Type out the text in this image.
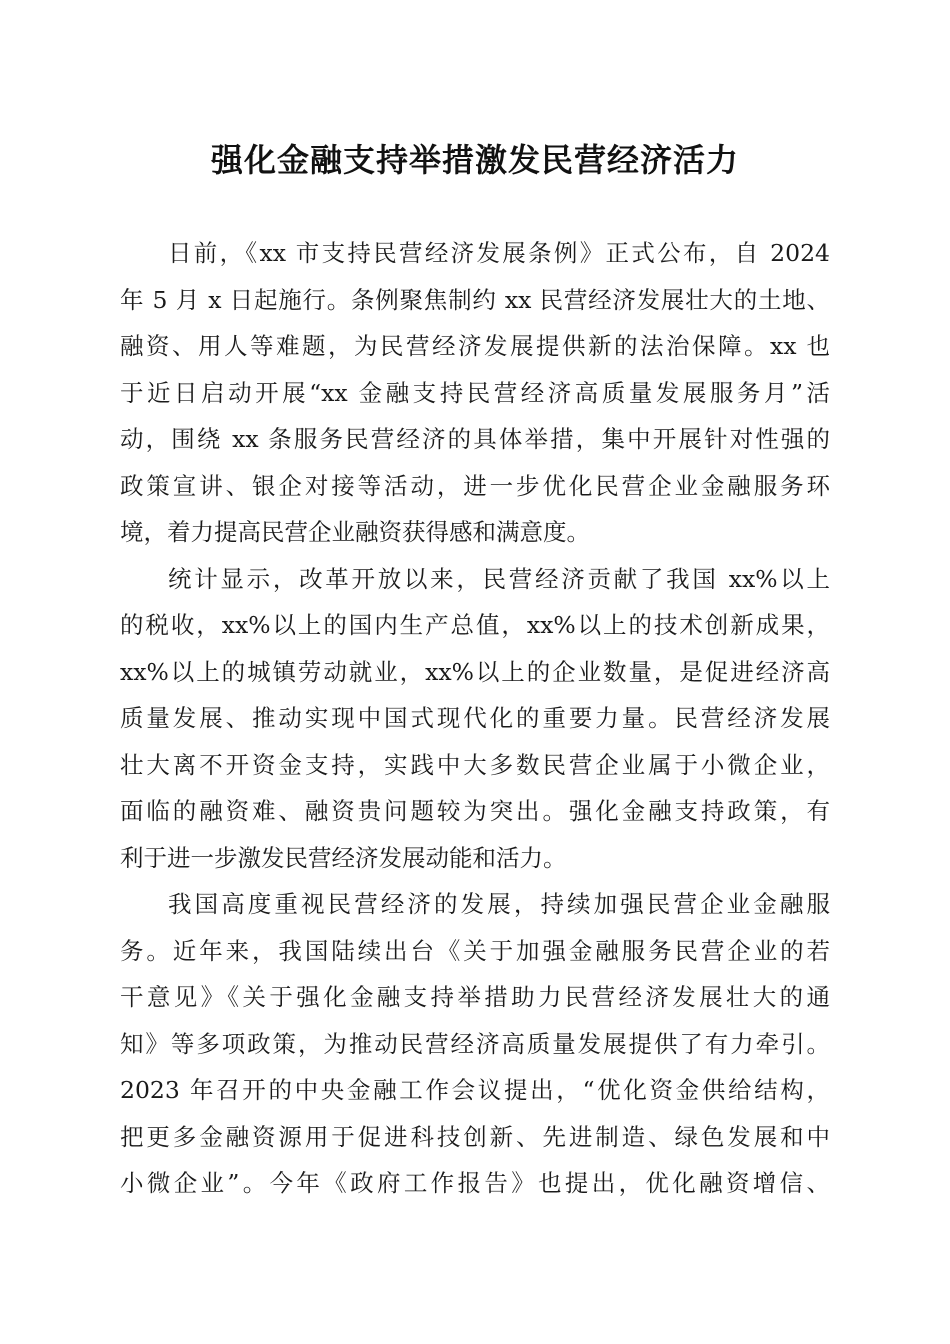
强化金融支持举措激发民营经济活力
日前，《xx 市支持民营经济发展条例》正式公布，自 2024
年 5 月 x 日起施行。条例聚焦制约 xx 民营经济发展壮大的土地、
融资、用人等难题，为民营经济发展提供新的法治保障。xx 也
于近日启动开展“xx 金融支持民营经济高质量发展服务月”活
动，围绕 xx 条服务民营经济的具体举措，集中开展针对性强的
政策宣讲、银企对接等活动，进一步优化民营企业金融服务环
境，着力提高民营企业融资获得感和满意度。
统计显示，改革开放以来，民营经济贡献了我国 xx%以上
的税收，xx%以上的国内生产总值，xx%以上的技术创新成果，
xx%以上的城镇劳动就业，xx%以上的企业数量，是促进经济高
质量发展、推动实现中国式现代化的重要力量。民营经济发展
壮大离不开资金支持，实践中大多数民营企业属于小微企业，
面临的融资难、融资贵问题较为突出。强化金融支持政策，有
利于进一步激发民营经济发展动能和活力。
我国高度重视民营经济的发展，持续加强民营企业金融服
务。近年来，我国陆续出台《关于加强金融服务民营企业的若
干意见》《关于强化金融支持举措助力民营经济发展壮大的通
知》等多项政策，为推动民营经济高质量发展提供了有力牵引。
2023 年召开的中央金融工作会议提出，“优化资金供给结构，
把更多金融资源用于促进科技创新、先进制造、绿色发展和中
小微企业”。今年《政府工作报告》也提出，优化融资增信、
